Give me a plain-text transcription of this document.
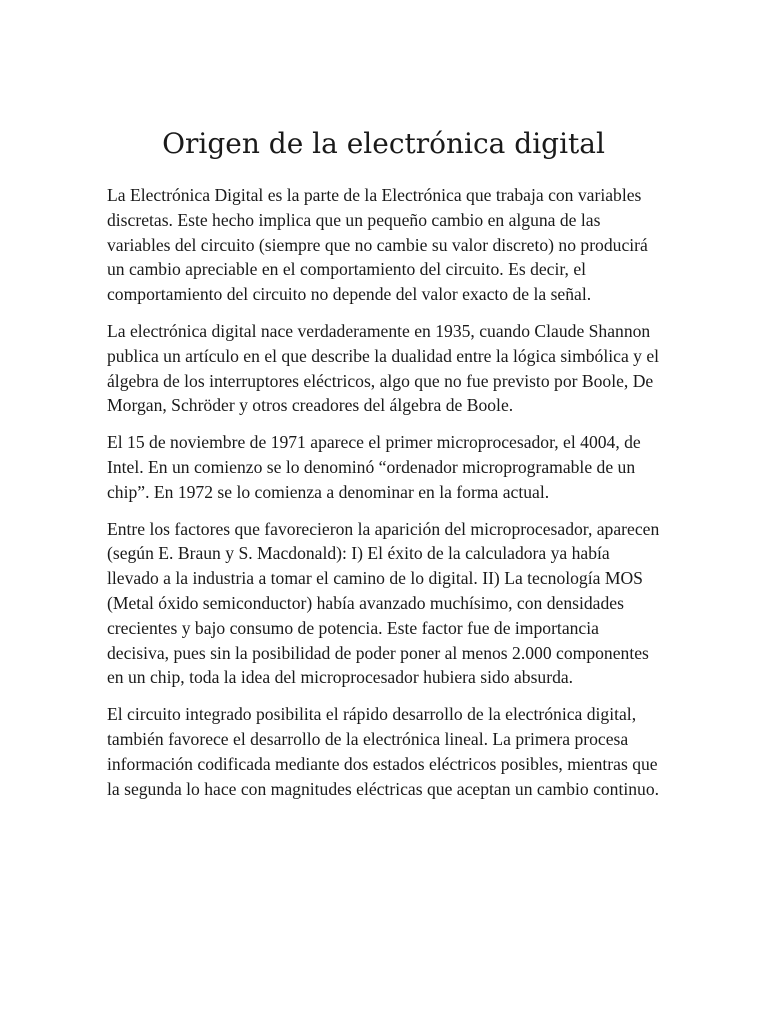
Origen de la electrónica digital

La Electrónica Digital es la parte de la Electrónica que trabaja con variables discretas. Este hecho implica que un pequeño cambio en alguna de las variables del circuito (siempre que no cambie su valor discreto) no producirá un cambio apreciable en el comportamiento del circuito. Es decir, el comportamiento del circuito no depende del valor exacto de la señal.

La electrónica digital nace verdaderamente en 1935, cuando Claude Shannon publica un artículo en el que describe la dualidad entre la lógica simbólica y el álgebra de los interruptores eléctricos, algo que no fue previsto por Boole, De Morgan, Schröder y otros creadores del álgebra de Boole.

El 15 de noviembre de 1971 aparece el primer microprocesador, el 4004, de Intel. En un comienzo se lo denominó “ordenador microprogramable de un chip”. En 1972 se lo comienza a denominar en la forma actual.

Entre los factores que favorecieron la aparición del microprocesador, aparecen (según E. Braun y S. Macdonald): I) El éxito de la calculadora ya había llevado a la industria a tomar el camino de lo digital. II) La tecnología MOS (Metal óxido semiconductor) había avanzado muchísimo, con densidades crecientes y bajo consumo de potencia. Este factor fue de importancia decisiva, pues sin la posibilidad de poder poner al menos 2.000 componentes en un chip, toda la idea del microprocesador hubiera sido absurda.

El circuito integrado posibilita el rápido desarrollo de la electrónica digital, también favorece el desarrollo de la electrónica lineal. La primera procesa información codificada mediante dos estados eléctricos posibles, mientras que la segunda lo hace con magnitudes eléctricas que aceptan un cambio continuo.
